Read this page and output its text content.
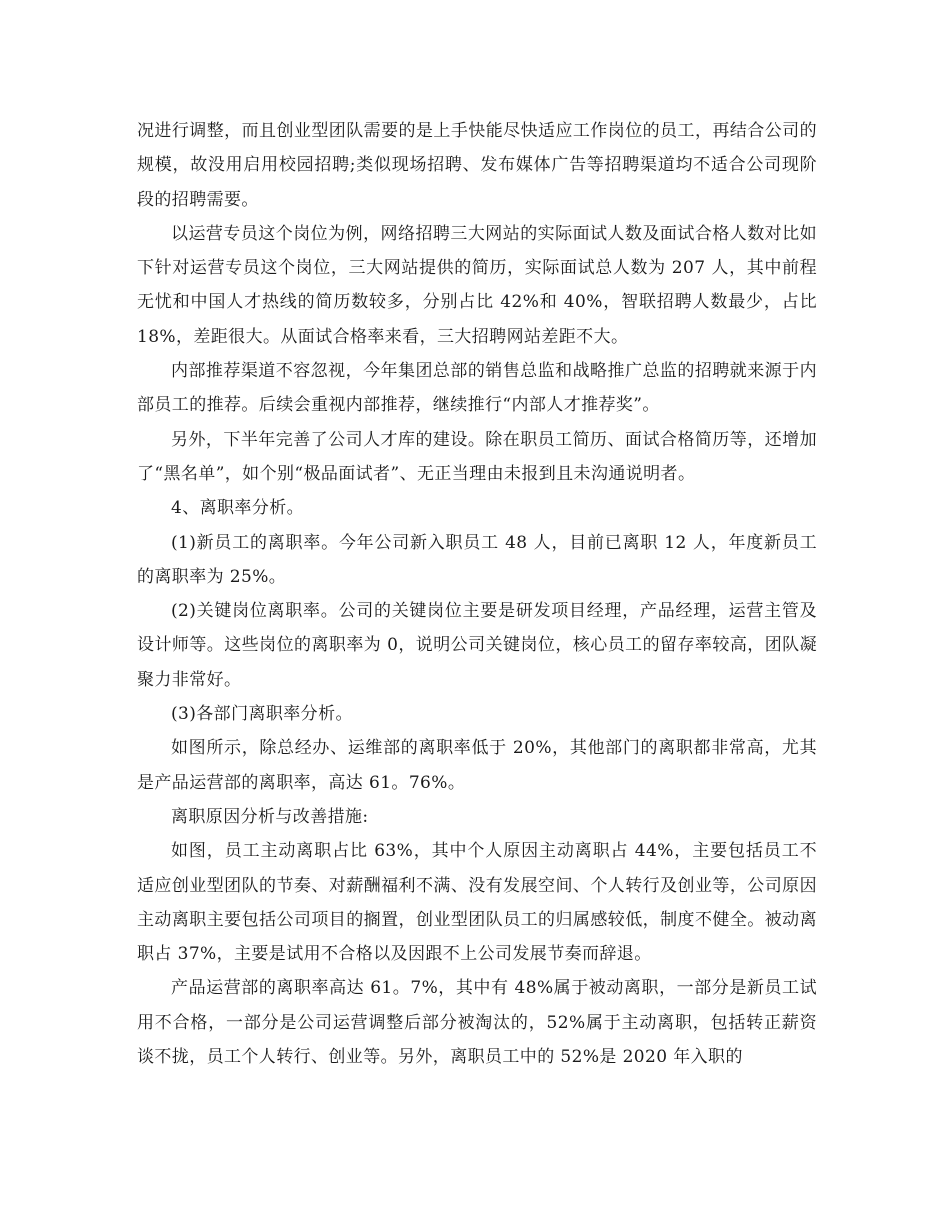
况进行调整，而且创业型团队需要的是上手快能尽快适应工作岗位的员工，再结合公司的规模，故没用启用校园招聘;类似现场招聘、发布媒体广告等招聘渠道均不适合公司现阶段的招聘需要。

以运营专员这个岗位为例，网络招聘三大网站的实际面试人数及面试合格人数对比如下针对运营专员这个岗位，三大网站提供的简历，实际面试总人数为 207 人，其中前程无忧和中国人才热线的简历数较多，分别占比 42%和 40%，智联招聘人数最少，占比 18%，差距很大。从面试合格率来看，三大招聘网站差距不大。

内部推荐渠道不容忽视，今年集团总部的销售总监和战略推广总监的招聘就来源于内部员工的推荐。后续会重视内部推荐，继续推行“内部人才推荐奖”。

另外，下半年完善了公司人才库的建设。除在职员工简历、面试合格简历等，还增加了“黑名单”，如个别“极品面试者”、无正当理由未报到且未沟通说明者。

4、离职率分析。

(1)新员工的离职率。今年公司新入职员工 48 人，目前已离职 12 人，年度新员工的离职率为 25%。

(2)关键岗位离职率。公司的关键岗位主要是研发项目经理，产品经理，运营主管及设计师等。这些岗位的离职率为 0，说明公司关键岗位，核心员工的留存率较高，团队凝聚力非常好。

(3)各部门离职率分析。

如图所示，除总经办、运维部的离职率低于 20%，其他部门的离职都非常高，尤其是产品运营部的离职率，高达 61。76%。

离职原因分析与改善措施:

如图，员工主动离职占比 63%，其中个人原因主动离职占 44%，主要包括员工不适应创业型团队的节奏、对薪酬福利不满、没有发展空间、个人转行及创业等，公司原因主动离职主要包括公司项目的搁置，创业型团队员工的归属感较低，制度不健全。被动离职占 37%，主要是试用不合格以及因跟不上公司发展节奏而辞退。

产品运营部的离职率高达 61。7%，其中有 48%属于被动离职，一部分是新员工试用不合格，一部分是公司运营调整后部分被淘汰的，52%属于主动离职，包括转正薪资谈不拢，员工个人转行、创业等。另外，离职员工中的 52%是 2020 年入职的
